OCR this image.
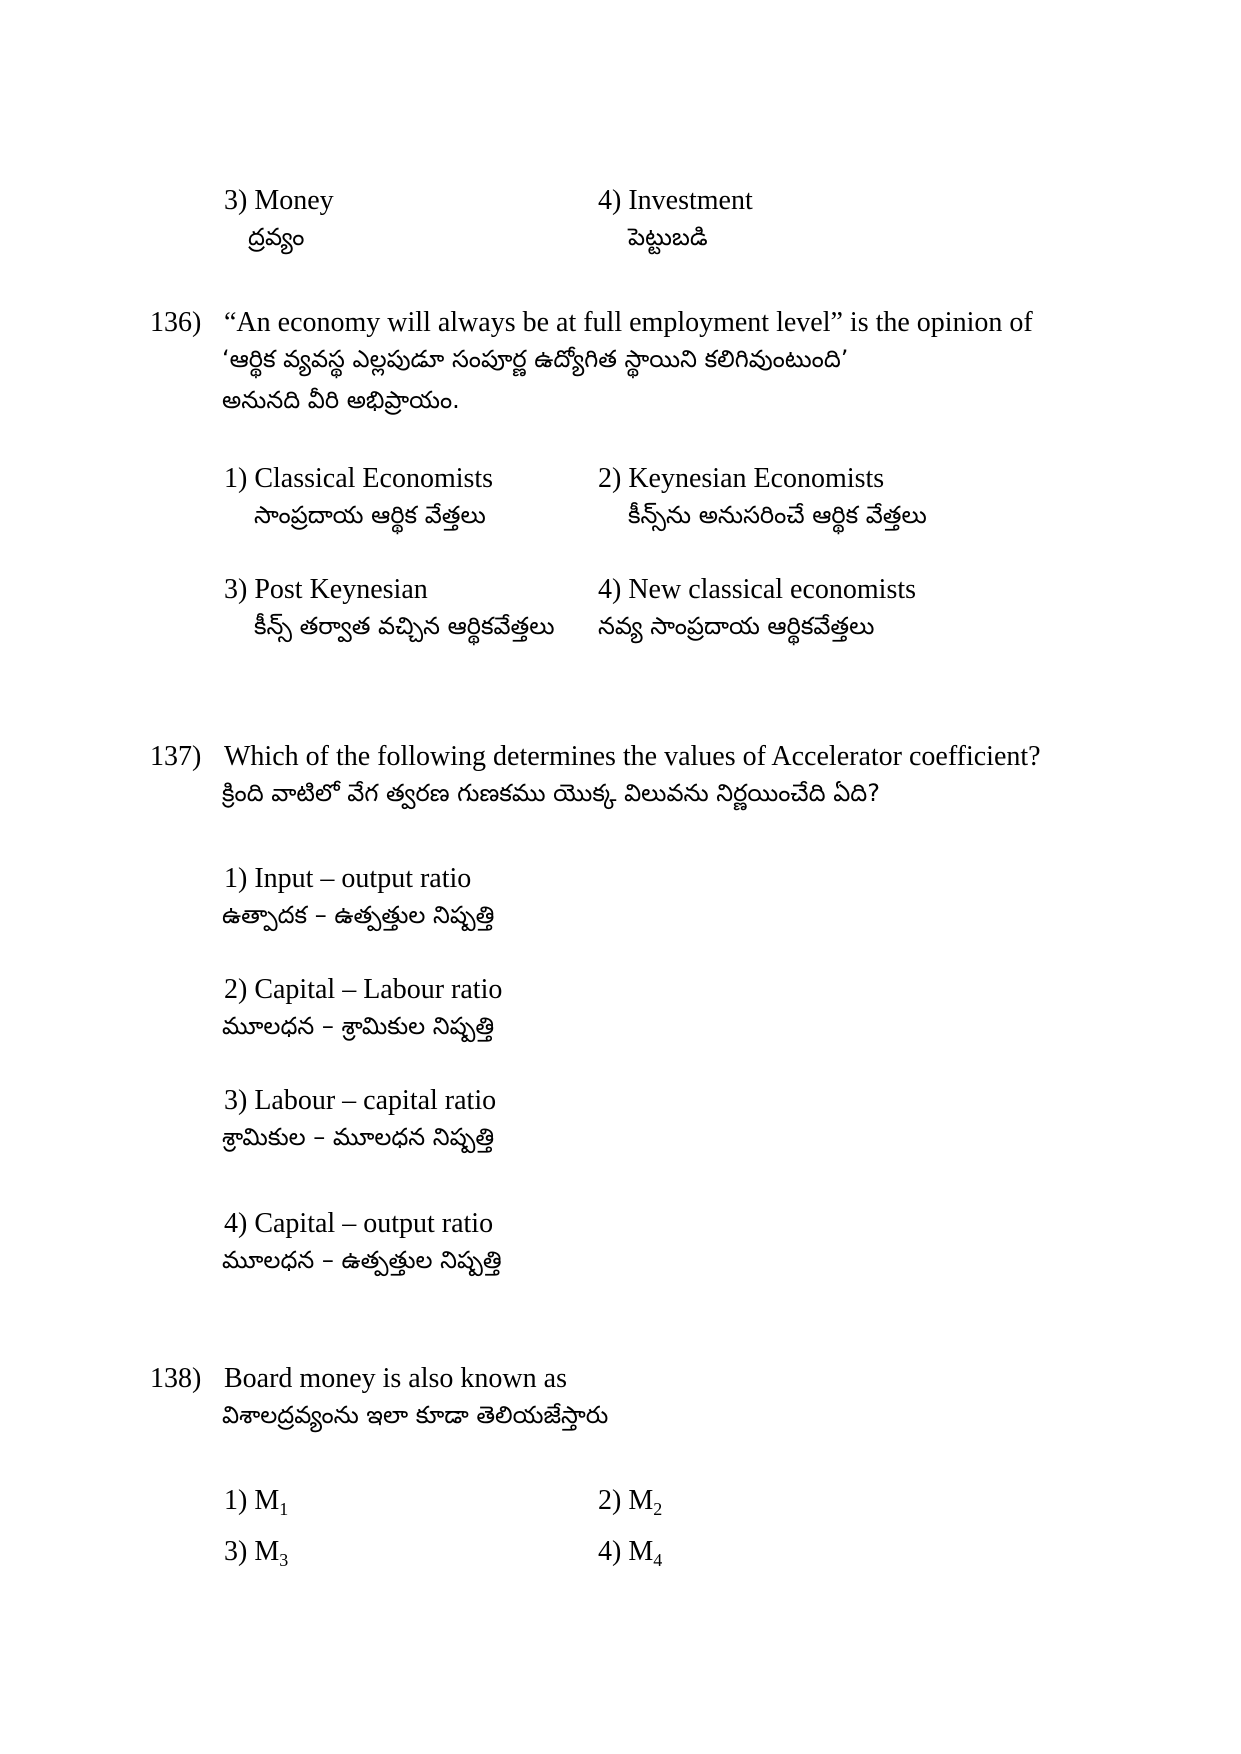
3) Money
ద్రవ్యం
4) Investment
పెట్టుబడి
136) “An economy will always be at full employment level” is the opinion of
‘ఆర్థిక వ్యవస్థ ఎల్లపుడూ సంపూర్ణ ఉద్యోగిత స్థాయిని కలిగివుంటుంది’
అనునది వీరి అభిప్రాయం.
1) Classical Economists
సాంప్రదాయ ఆర్థిక వేత్తలు
2) Keynesian Economists
కీన్స్‌ను అనుసరించే ఆర్థిక వేత్తలు
3) Post Keynesian
కీన్స్ తర్వాత వచ్చిన ఆర్థికవేత్తలు
4) New classical economists
నవ్య సాంప్రదాయ ఆర్థికవేత్తలు
137) Which of the following determines the values of Accelerator coefficient?
క్రింది వాటిలో వేగ త్వరణ గుణకము యొక్క విలువను నిర్ణయించేది ఏది?
1) Input – output ratio
ఉత్పాదక – ఉత్పత్తుల నిష్పత్తి
2) Capital – Labour ratio
మూలధన – శ్రామికుల నిష్పత్తి
3) Labour – capital ratio
శ్రామికుల – మూలధన నిష్పత్తి
4) Capital – output ratio
మూలధన – ఉత్పత్తుల నిష్పత్తి
138) Board money is also known as
విశాలద్రవ్యంను ఇలా కూడా తెలియజేస్తారు
1) $M_1$	2) $M_2$
3) $M_3$	4) $M_4$
